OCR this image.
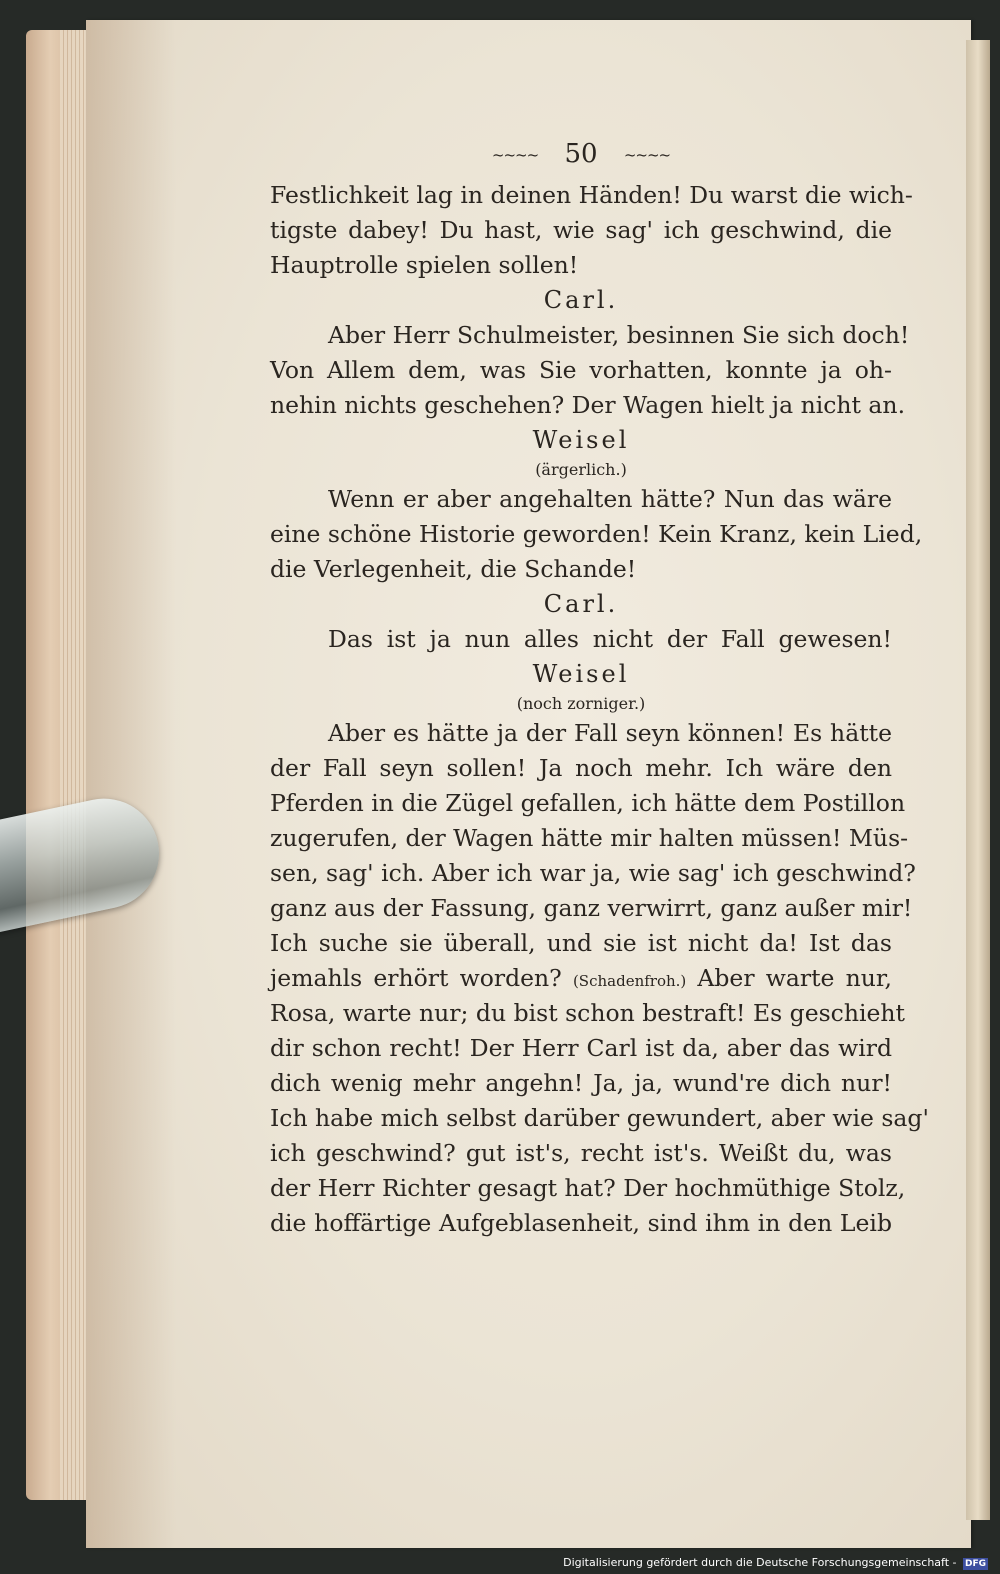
~~~~ 50 ~~~~
Festlichkeit lag in deinen Händen! Du warst die wich-
tigste dabey! Du hast, wie sag' ich geschwind, die
Hauptrolle spielen sollen!
Carl.
Aber Herr Schulmeister, besinnen Sie sich doch!
Von Allem dem, was Sie vorhatten, konnte ja oh-
nehin nichts geschehen? Der Wagen hielt ja nicht an.
Weisel
(ärgerlich.)
Wenn er aber angehalten hätte? Nun das wäre
eine schöne Historie geworden! Kein Kranz, kein Lied,
die Verlegenheit, die Schande!
Carl.
Das ist ja nun alles nicht der Fall gewesen!
Weisel
(noch zorniger.)
Aber es hätte ja der Fall seyn können! Es hätte
der Fall seyn sollen! Ja noch mehr. Ich wäre den
Pferden in die Zügel gefallen, ich hätte dem Postillon
zugerufen, der Wagen hätte mir halten müssen! Müs-
sen, sag' ich. Aber ich war ja, wie sag' ich geschwind?
ganz aus der Fassung, ganz verwirrt, ganz außer mir!
Ich suche sie überall, und sie ist nicht da! Ist das
jemahls erhört worden? (Schadenfroh.) Aber warte nur,
Rosa, warte nur; du bist schon bestraft! Es geschieht
dir schon recht! Der Herr Carl ist da, aber das wird
dich wenig mehr angehn! Ja, ja, wund're dich nur!
Ich habe mich selbst darüber gewundert, aber wie sag'
ich geschwind? gut ist's, recht ist's. Weißt du, was
der Herr Richter gesagt hat? Der hochmüthige Stolz,
die hoffärtige Aufgeblasenheit, sind ihm in den Leib
Digitalisierung gefördert durch die Deutsche Forschungsgemeinschaft - DFG
